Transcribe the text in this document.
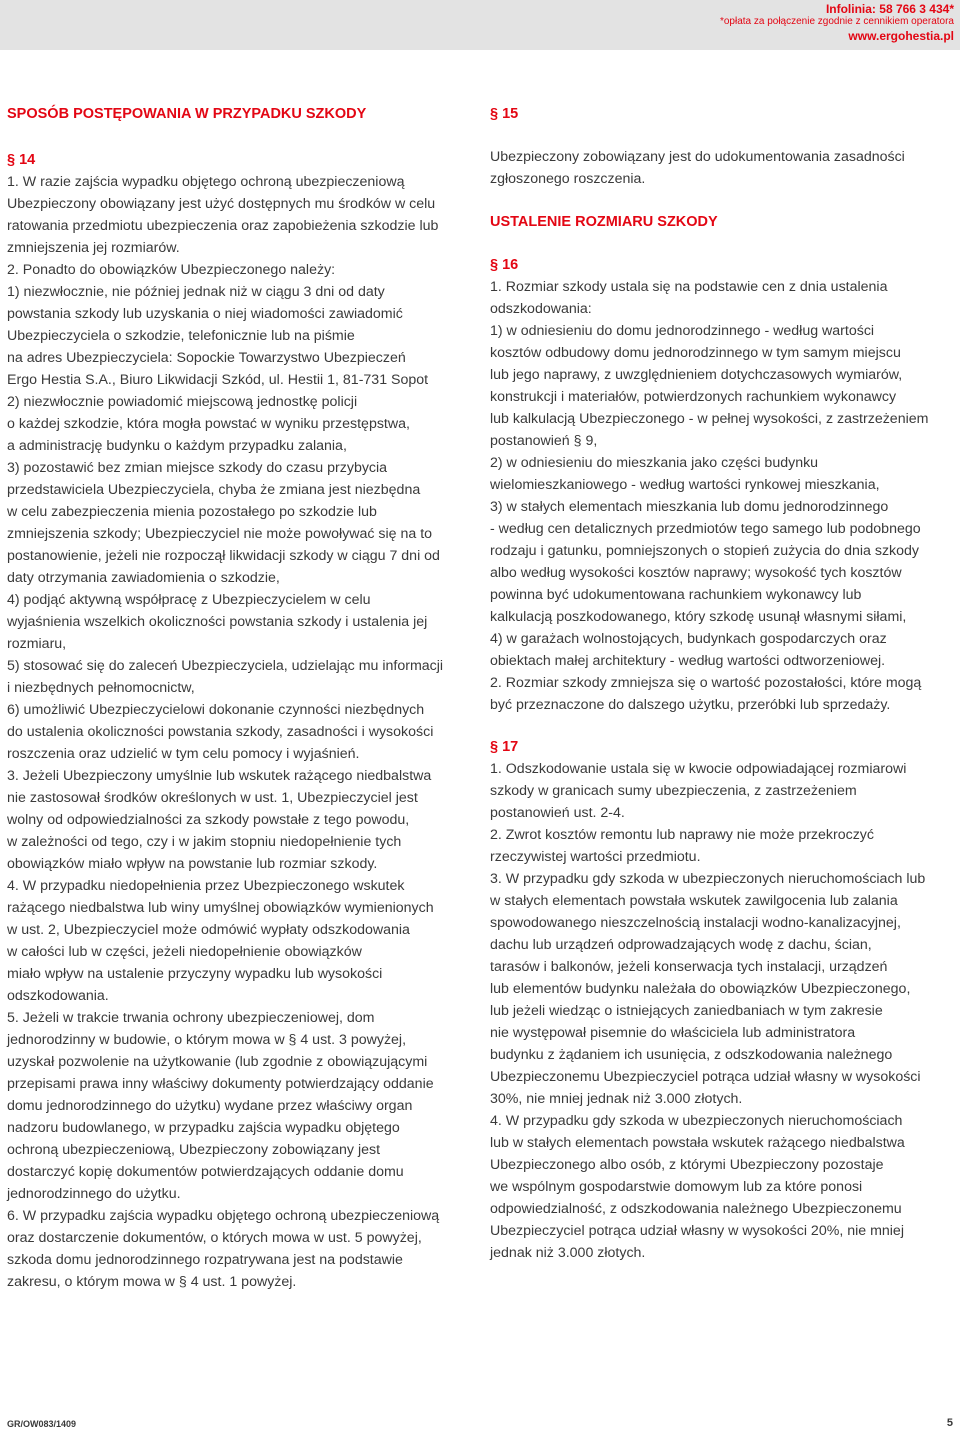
Infolinia: 58 766 3 434*
*opłata za połączenie zgodnie z cennikiem operatora
www.ergohestia.pl
SPOSÓB POSTĘPOWANIA W PRZYPADKU SZKODY
§ 14

1. W razie zajścia wypadku objętego ochroną ubezpieczeniową
Ubezpieczony obowiązany jest użyć dostępnych mu środków w celu
ratowania przedmiotu ubezpieczenia oraz zapobieżenia szkodzie lub
zmniejszenia jej rozmiarów.

2. Ponadto do obowiązków Ubezpieczonego należy:
1) niezwłocznie, nie później jednak niż w ciągu 3 dni od daty
powstania szkody lub uzyskania o niej wiadomości zawiadomić
Ubezpieczyciela o szkodzie, telefonicznie lub na piśmie
na adres Ubezpieczyciela: Sopockie Towarzystwo Ubezpieczeń
Ergo Hestia S.A., Biuro Likwidacji Szkód, ul. Hestii 1, 81-731 Sopot
2) niezwłocznie powiadomić miejscową jednostkę policji
o każdej szkodzie, która mogła powstać w wyniku przestępstwa,
a administrację budynku o każdym przypadku zalania,
3) pozostawić bez zmian miejsce szkody do czasu przybycia
przedstawiciela Ubezpieczyciela, chyba że zmiana jest niezbędna
w celu zabezpieczenia mienia pozostałego po szkodzie lub
zmniejszenia szkody; Ubezpieczyciel nie może powoływać się na to
postanowienie, jeżeli nie rozpoczął likwidacji szkody w ciągu 7 dni od
daty otrzymania zawiadomienia o szkodzie,
4) podjąć aktywną współpracę z Ubezpieczycielem w celu
wyjaśnienia wszelkich okoliczności powstania szkody i ustalenia jej
rozmiaru,
5) stosować się do zaleceń Ubezpieczyciela, udzielając mu informacji
i niezbędnych pełnomocnictw,
6) umożliwić Ubezpieczycielowi dokonanie czynności niezbędnych
do ustalenia okoliczności powstania szkody, zasadności i wysokości
roszczenia oraz udzielić w tym celu pomocy i wyjaśnień.

3. Jeżeli Ubezpieczony umyślnie lub wskutek rażącego niedbalstwa
nie zastosował środków określonych w ust. 1, Ubezpieczyciel jest
wolny od odpowiedzialności za szkody powstałe z tego powodu,
w zależności od tego, czy i w jakim stopniu niedopełnienie tych
obowiązków miało wpływ na powstanie lub rozmiar szkody.

4. W przypadku niedopełnienia przez Ubezpieczonego wskutek
rażącego niedbalstwa lub winy umyślnej obowiązków wymienionych
w ust. 2, Ubezpieczyciel może odmówić wypłaty odszkodowania
w całości lub w części, jeżeli niedopełnienie obowiązków
miało wpływ na ustalenie przyczyny wypadku lub wysokości
odszkodowania.

5. Jeżeli w trakcie trwania ochrony ubezpieczeniowej, dom
jednorodzinny w budowie, o którym mowa w § 4 ust. 3 powyżej,
uzyskał pozwolenie na użytkowanie (lub zgodnie z obowiązującymi
przepisami prawa inny właściwy dokumenty potwierdzający oddanie
domu jednorodzinnego do użytku) wydane przez właściwy organ
nadzoru budowlanego, w przypadku zajścia wypadku objętego
ochroną ubezpieczeniową, Ubezpieczony zobowiązany jest
dostarczyć kopię dokumentów potwierdzających oddanie domu
jednorodzinnego do użytku.

6. W przypadku zajścia wypadku objętego ochroną ubezpieczeniową
oraz dostarczenie dokumentów, o których mowa w ust. 5 powyżej,
szkoda domu jednorodzinnego rozpatrywana jest na podstawie
zakresu, o którym mowa w § 4 ust. 1 powyżej.

§ 15

Ubezpieczony zobowiązany jest do udokumentowania zasadności
zgłoszonego roszczenia.

USTALENIE ROZMIARU SZKODY
§ 16

1. Rozmiar szkody ustala się na podstawie cen z dnia ustalenia
odszkodowania:
1) w odniesieniu do domu jednorodzinnego - według wartości
kosztów odbudowy domu jednorodzinnego w tym samym miejscu
lub jego naprawy, z uwzględnieniem dotychczasowych wymiarów,
konstrukcji i materiałów, potwierdzonych rachunkiem wykonawcy
lub kalkulacją Ubezpieczonego - w pełnej wysokości, z zastrzeżeniem
postanowień § 9,
2) w odniesieniu do mieszkania jako części budynku
wielomieszkaniowego - według wartości rynkowej mieszkania,
3) w stałych elementach mieszkania lub domu jednorodzinnego
- według cen detalicznych przedmiotów tego samego lub podobnego
rodzaju i gatunku, pomniejszonych o stopień zużycia do dnia szkody
albo według wysokości kosztów naprawy; wysokość tych kosztów
powinna być udokumentowana rachunkiem wykonawcy lub
kalkulacją poszkodowanego, który szkodę usunął własnymi siłami,
4) w garażach wolnostojących, budynkach gospodarczych oraz
obiektach małej architektury - według wartości odtworzeniowej.

2. Rozmiar szkody zmniejsza się o wartość pozostałości, które mogą
być przeznaczone do dalszego użytku, przeróbki lub sprzedaży.

§ 17

1. Odszkodowanie ustala się w kwocie odpowiadającej rozmiarowi
szkody w granicach sumy ubezpieczenia, z zastrzeżeniem
postanowień ust. 2-4.

2. Zwrot kosztów remontu lub naprawy nie może przekroczyć
rzeczywistej wartości przedmiotu.

3. W przypadku gdy szkoda w ubezpieczonych nieruchomościach lub
w stałych elementach powstała wskutek zawilgocenia lub zalania
spowodowanego nieszczelnością instalacji wodno-kanalizacyjnej,
dachu lub urządzeń odprowadzających wodę z dachu, ścian,
tarasów i balkonów, jeżeli konserwacja tych instalacji, urządzeń
lub elementów budynku należała do obowiązków Ubezpieczonego,
lub jeżeli wiedząc o istniejących zaniedbaniach w tym zakresie
nie występował pisemnie do właściciela lub administratora
budynku z żądaniem ich usunięcia, z odszkodowania należnego
Ubezpieczonemu Ubezpieczyciel potrąca udział własny w wysokości
30%, nie mniej jednak niż 3.000 złotych.

4. W przypadku gdy szkoda w ubezpieczonych nieruchomościach
lub w stałych elementach powstała wskutek rażącego niedbalstwa
Ubezpieczonego albo osób, z którymi Ubezpieczony pozostaje
we wspólnym gospodarstwie domowym lub za które ponosi
odpowiedzialność, z odszkodowania należnego Ubezpieczonemu
Ubezpieczyciel potrąca udział własny w wysokości 20%, nie mniej
jednak niż 3.000 złotych.

GR/OW083/1409	5
